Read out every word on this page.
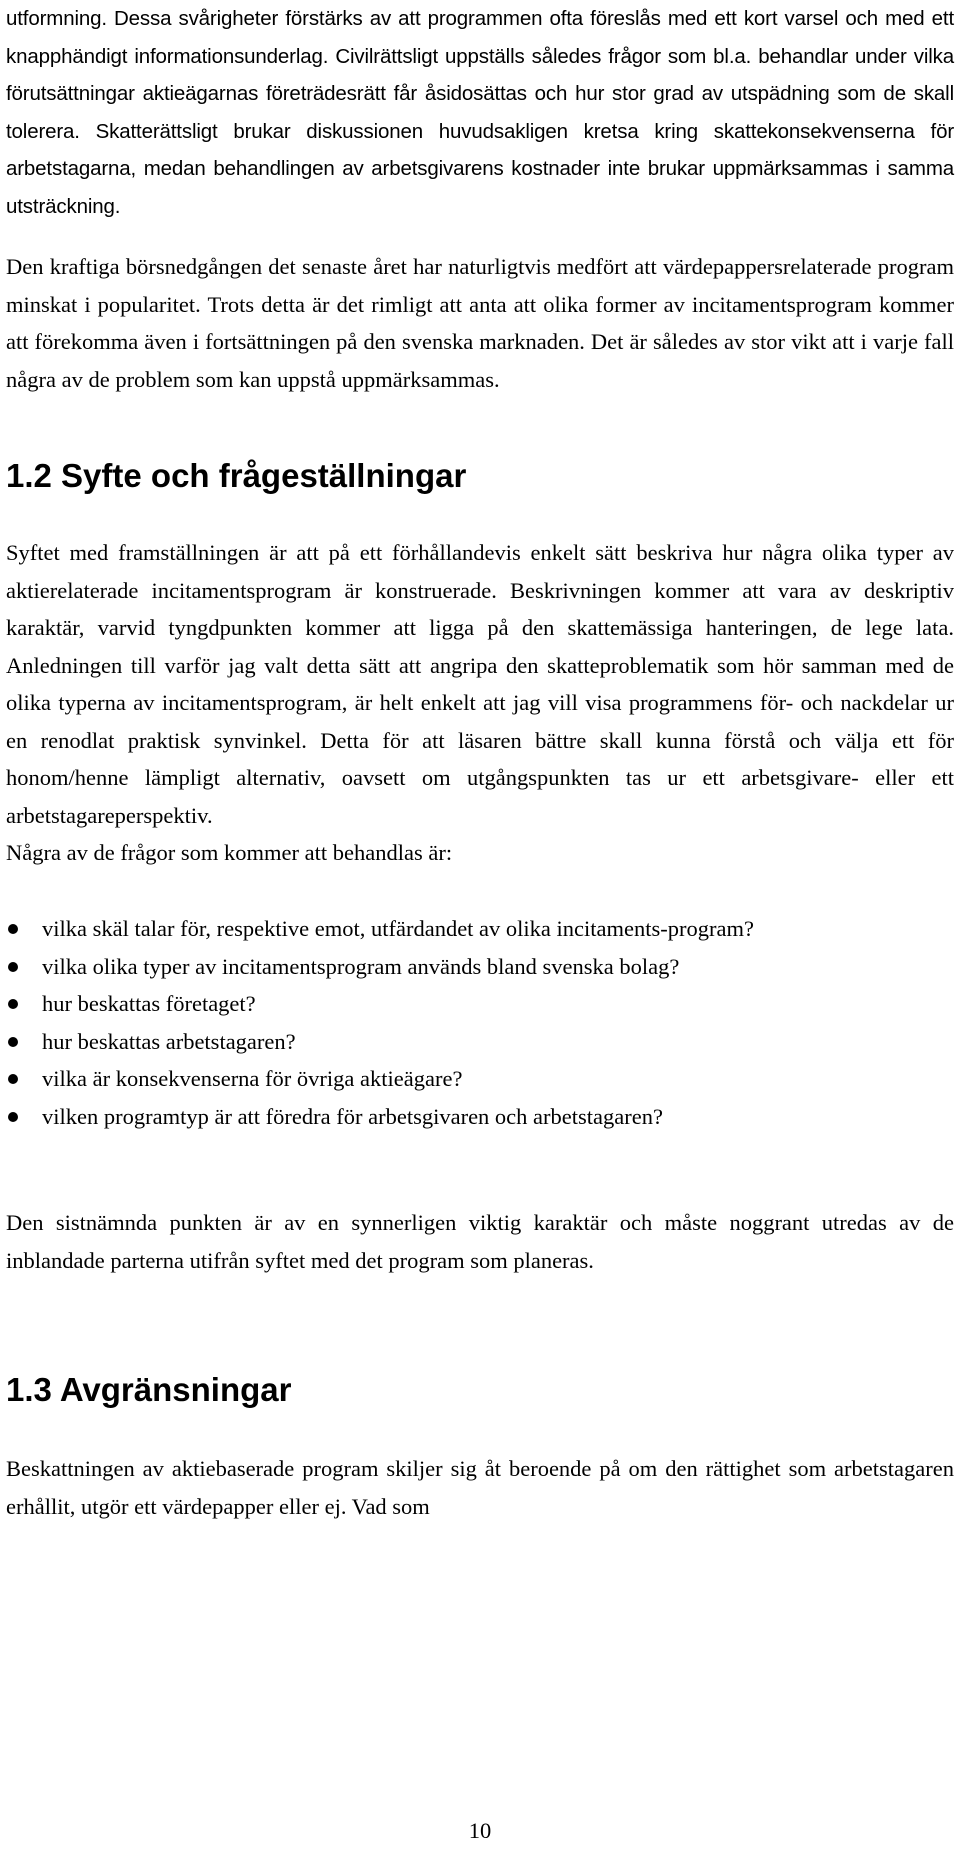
utformning. Dessa svårigheter förstärks av att programmen ofta föreslås med ett kort varsel och med ett knapphändigt informationsunderlag. Civilrättsligt uppställs således frågor som bl.a. behandlar under vilka förutsättningar aktieägarnas företrädesrätt får åsidosättas och hur stor grad av utspädning som de skall tolerera. Skatterättsligt brukar diskussionen huvudsakligen kretsa kring skattekonsekvenserna för arbetstagarna, medan behandlingen av arbetsgivarens kostnader inte brukar uppmärksammas i samma utsträckning.

Den kraftiga börsnedgången det senaste året har naturligtvis medfört att värdepappersrelaterade program minskat i popularitet. Trots detta är det rimligt att anta att olika former av incitamentsprogram kommer att förekomma även i fortsättningen på den svenska marknaden. Det är således av stor vikt att i varje fall några av de problem som kan uppstå uppmärksammas.

1.2 Syfte och frågeställningar

Syftet med framställningen är att på ett förhållandevis enkelt sätt beskriva hur några olika typer av aktierelaterade incitamentsprogram är konstruerade. Beskrivningen kommer att vara av deskriptiv karaktär, varvid tyngdpunkten kommer att ligga på den skattemässiga hanteringen, de lege lata. Anledningen till varför jag valt detta sätt att angripa den skatteproblematik som hör samman med de olika typerna av incitamentsprogram, är helt enkelt att jag vill visa programmens för- och nackdelar ur en renodlat praktisk synvinkel. Detta för att läsaren bättre skall kunna förstå och välja ett för honom/henne lämpligt alternativ, oavsett om utgångspunkten tas ur ett arbetsgivare- eller ett arbetstagareperspektiv.

Några av de frågor som kommer att behandlas är:

vilka skäl talar för, respektive emot, utfärdandet av olika incitaments-program?
vilka olika typer av incitamentsprogram används bland svenska bolag?
hur beskattas företaget?
hur beskattas arbetstagaren?
vilka är konsekvenserna för övriga aktieägare?
vilken programtyp är att föredra för arbetsgivaren och arbetstagaren?

Den sistnämnda punkten är av en synnerligen viktig karaktär och måste noggrant utredas av de inblandade parterna utifrån syftet med det program som planeras.

1.3 Avgränsningar

Beskattningen av aktiebaserade program skiljer sig åt beroende på om den rättighet som arbetstagaren erhållit, utgör ett värdepapper eller ej. Vad som

10
